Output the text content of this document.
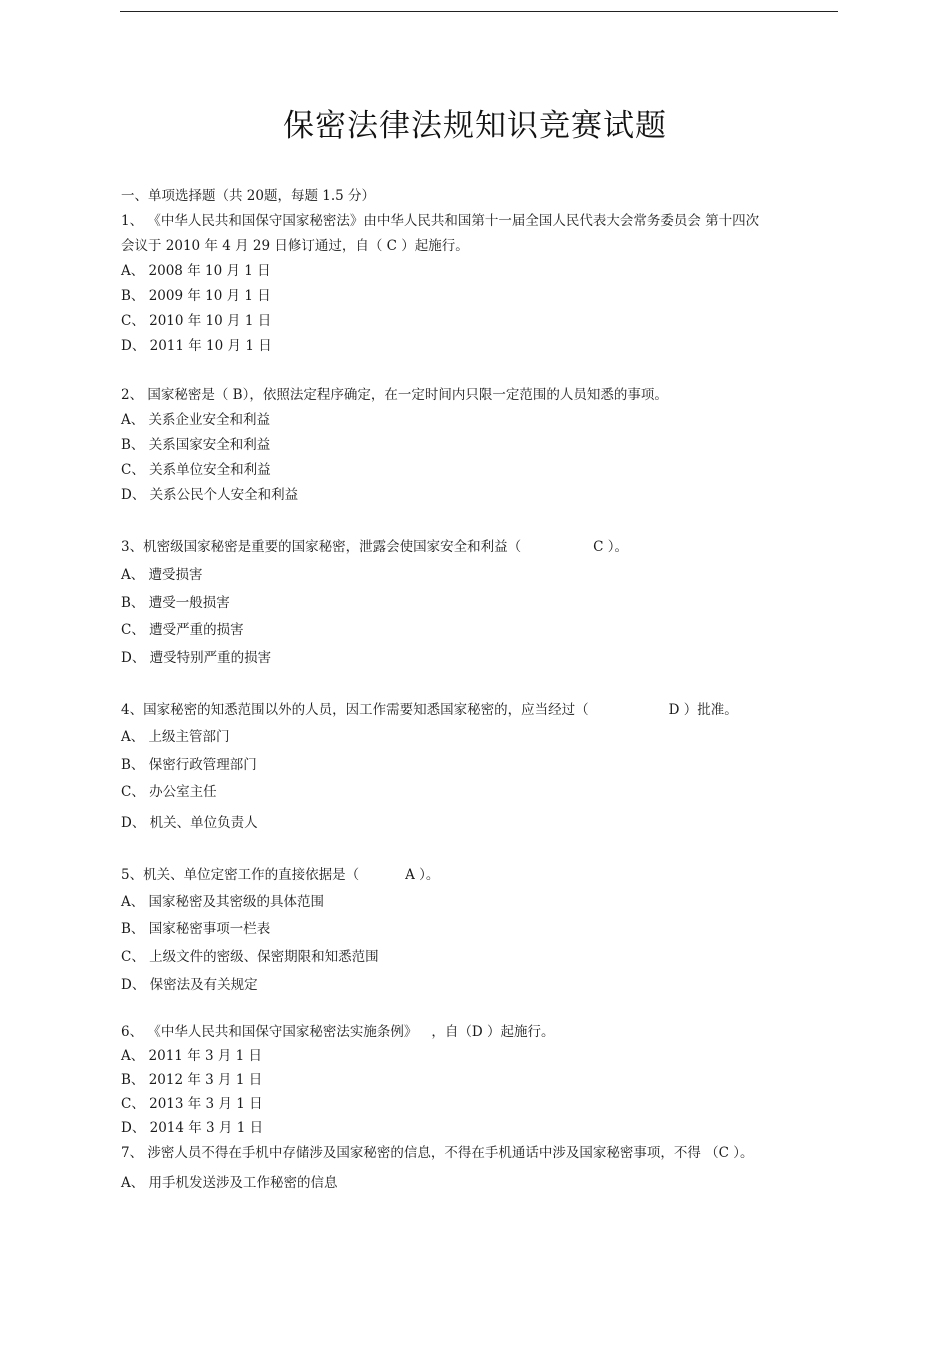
保密法律法规知识竞赛试题
一、单项选择题（共 20题，每题 1.5 分）
1、 《中华人民共和国保守国家秘密法》由中华人民共和国第十一届全国人民代表大会常务委员会 第十四次
会议于 2010 年 4 月 29 日修订通过，自（ C ）起施行。
A、 2008 年 10 月 1 日
B、 2009 年 10 月 1 日
C、 2010 年 10 月 1 日
D、 2011 年 10 月 1 日
2、 国家秘密是（ B），依照法定程序确定，在一定时间内只限一定范围的人员知悉的事项。
A、 关系企业安全和利益
B、 关系国家安全和利益
C、 关系单位安全和利益
D、 关系公民个人安全和利益
3、机密级国家秘密是重要的国家秘密，泄露会使国家安全和利益（	C ）。
A、 遭受损害
B、 遭受一般损害
C、 遭受严重的损害
D、 遭受特别严重的损害
4、国家秘密的知悉范围以外的人员，因工作需要知悉国家秘密的，应当经过（	D ）批准。
A、 上级主管部门
B、 保密行政管理部门
C、 办公室主任
D、 机关、单位负责人
5、机关、单位定密工作的直接依据是（	A ）。
A、 国家秘密及其密级的具体范围
B、 国家秘密事项一栏表
C、 上级文件的密级、保密期限和知悉范围
D、 保密法及有关规定
6、 《中华人民共和国保守国家秘密法实施条例》 ，自（D ）起施行。
A、 2011 年 3 月 1 日
B、 2012 年 3 月 1 日
C、 2013 年 3 月 1 日
D、 2014 年 3 月 1 日
7、 涉密人员不得在手机中存储涉及国家秘密的信息，不得在手机通话中涉及国家秘密事项，不得 （C ）。
A、 用手机发送涉及工作秘密的信息
